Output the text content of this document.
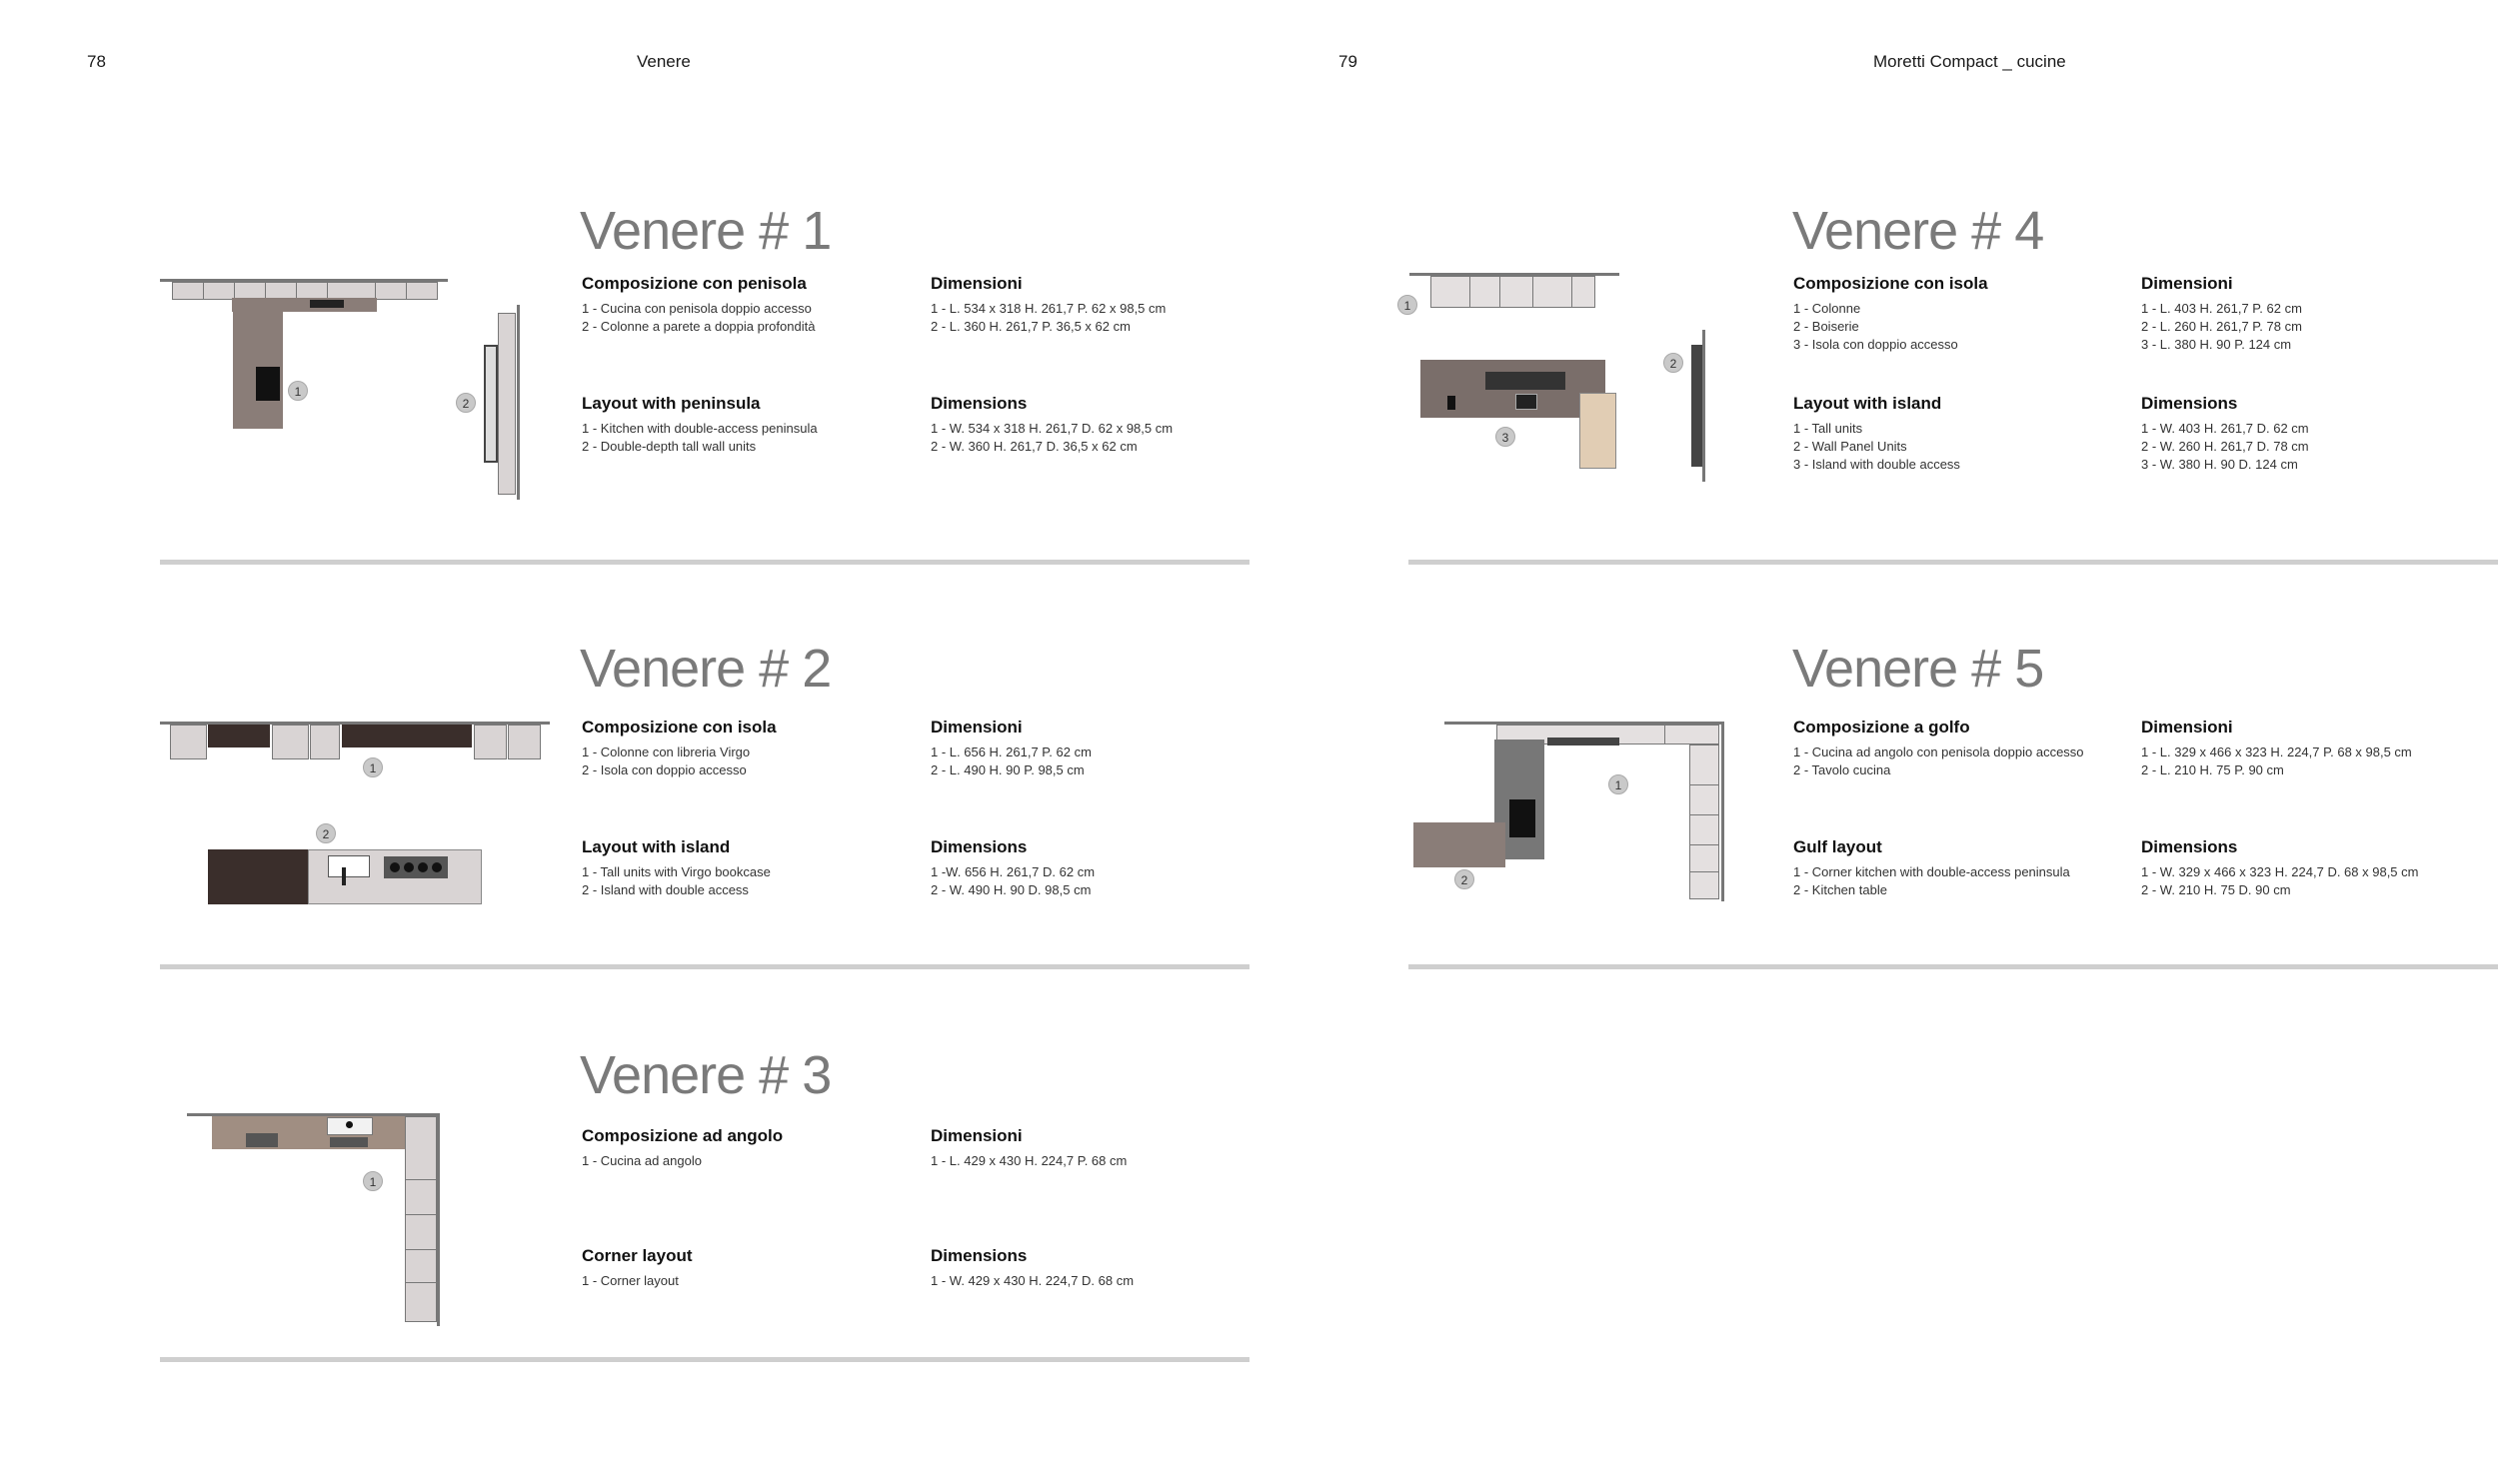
78	Venere	79	Moretti Compact _ cucine
1
2
Venere # 1
Composizione con penisola
1 - Cucina con penisola doppio accesso
2 - Colonne a parete a doppia profondità
Dimensioni
1 - L. 534 x 318 H. 261,7 P. 62 x 98,5 cm
2 - L. 360 H. 261,7 P. 36,5 x 62 cm
Layout with peninsula
1 - Kitchen with double-access peninsula
2 - Double-depth tall wall units
Dimensions
1 - W. 534 x 318 H. 261,7 D. 62 x 98,5 cm
2 - W. 360 H. 261,7 D. 36,5 x 62 cm
1
2
Venere # 2
Composizione con isola
1 - Colonne con libreria Virgo
2 - Isola con doppio accesso
Dimensioni
1 - L. 656 H. 261,7 P. 62 cm
2 - L. 490 H. 90 P. 98,5 cm
Layout with island
1 - Tall units with Virgo bookcase
2 - Island with double access
Dimensions
1 -W. 656 H. 261,7 D. 62 cm
2 - W. 490 H. 90 D. 98,5 cm
1
Venere # 3
Composizione ad angolo
1 - Cucina ad angolo
Dimensioni
1 - L. 429 x 430 H. 224,7 P. 68 cm
Corner layout
1 - Corner layout
Dimensions
1 - W. 429 x 430 H. 224,7 D. 68 cm
1
2
3
Venere # 4
Composizione con isola
1 - Colonne
2 - Boiserie
3 - Isola con doppio accesso
Dimensioni
1 - L. 403 H. 261,7 P. 62 cm
2 - L. 260 H. 261,7 P. 78 cm
3 - L. 380 H. 90 P. 124 cm
Layout with island
1 - Tall units
2 - Wall Panel Units
3 - Island with double access
Dimensions
1 - W. 403 H. 261,7 D. 62 cm
2 - W. 260 H. 261,7 D. 78 cm
3 - W. 380 H. 90 D. 124 cm
1
2
Venere # 5
Composizione a golfo
1 - Cucina ad angolo con penisola doppio accesso
2 - Tavolo cucina
Dimensioni
1 - L. 329 x 466 x 323 H. 224,7 P. 68 x 98,5 cm
2 - L. 210 H. 75 P. 90 cm
Gulf layout
1 - Corner kitchen with double-access peninsula
2 - Kitchen table
Dimensions
1 - W. 329 x 466 x 323 H. 224,7 D. 68 x 98,5 cm
2 - W. 210 H. 75 D. 90 cm
